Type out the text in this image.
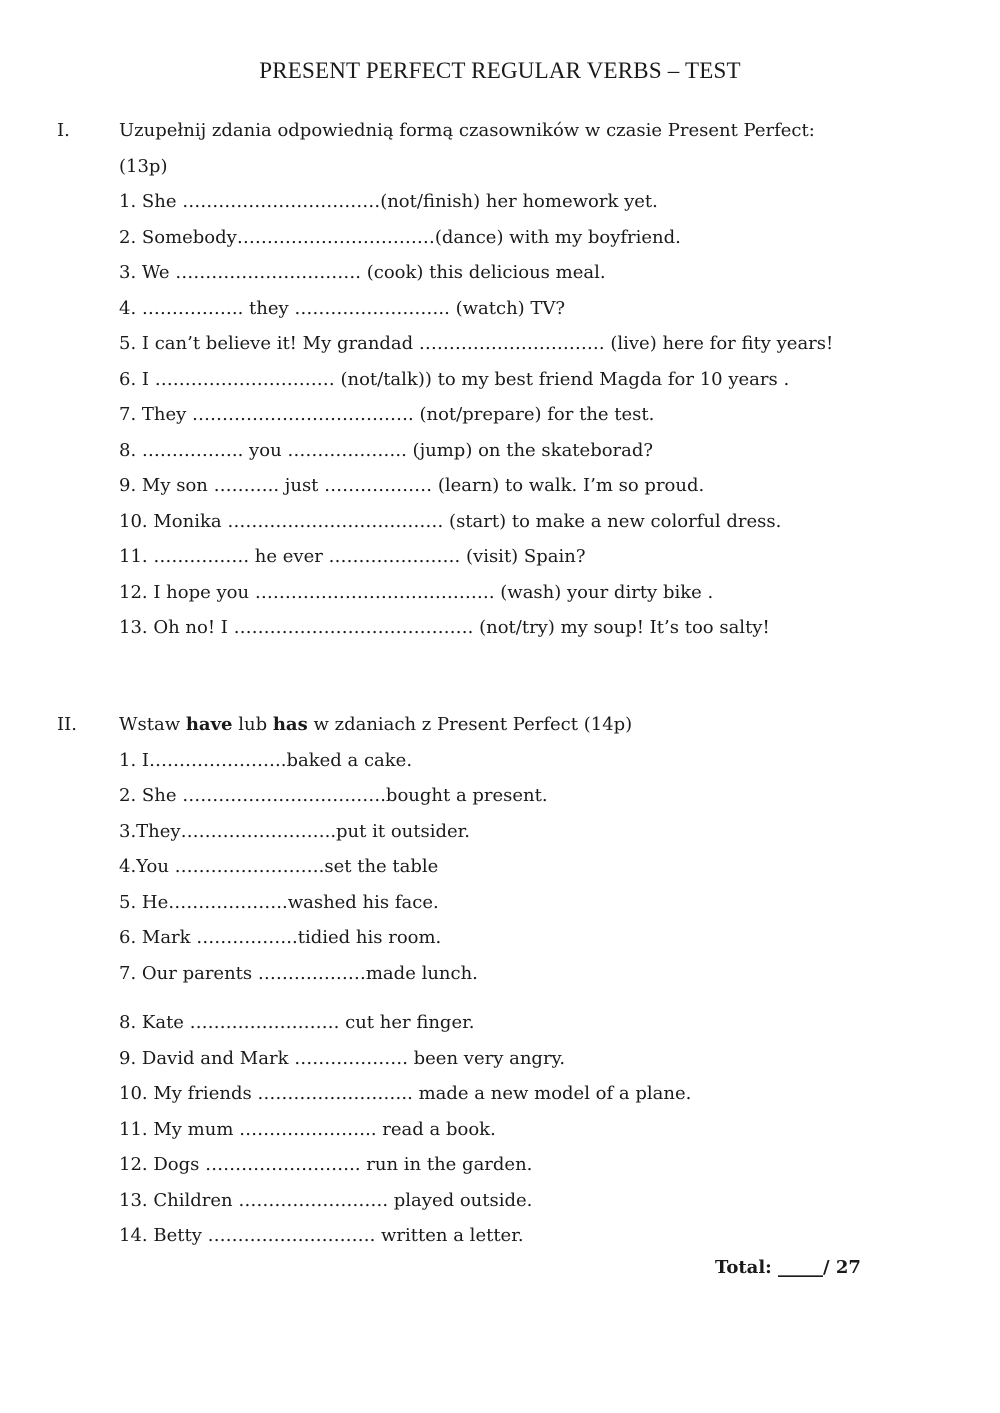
PRESENT PERFECT REGULAR VERBS – TEST
I.	Uzupełnij zdania odpowiednią formą czasowników w czasie Present Perfect:
(13p)
1. She ……………………………(not/finish) her homework yet.
2. Somebody……………………………(dance) with my boyfriend.
3. We …………………………. (cook) this delicious meal.
4. …………….. they …………………….. (watch) TV?
5. I can’t believe it! My grandad …………………………. (live) here for fity years!
6. I ………………………… (not/talk)) to my best friend Magda for 10 years .
7. They ………………………………. (not/prepare) for the test.
8. …………….. you ……………….. (jump) on the skateborad?
9. My son ……….. just ……………… (learn) to walk. I’m so proud.
10. Monika ……………………………… (start) to make a new colorful dress.
11. ……………. he ever …………………. (visit) Spain?
12. I hope you …………………………………. (wash) your dirty bike .
13. Oh no! I …………………………………. (not/try) my soup! It’s too salty!
II. Wstaw have lub has w zdaniach z Present Perfect (14p)
1. I…………………..baked a cake.
2. She …………………………….bought a present.
3.They……………………..put it outsider.
4.You …………………….set the table
5. He………………..washed his face.
6. Mark ……………..tidied his room.
7. Our parents ………………made lunch.
8. Kate ……………………. cut her finger.
9. David and Mark ………………. been very angry.
10. My friends …………………….. made a new model of a plane.
11. My mum ………………….. read a book.
12. Dogs …………………….. run in the garden.
13. Children ……………………. played outside.
14. Betty ………………………. written a letter.
Total: _____/ 27
